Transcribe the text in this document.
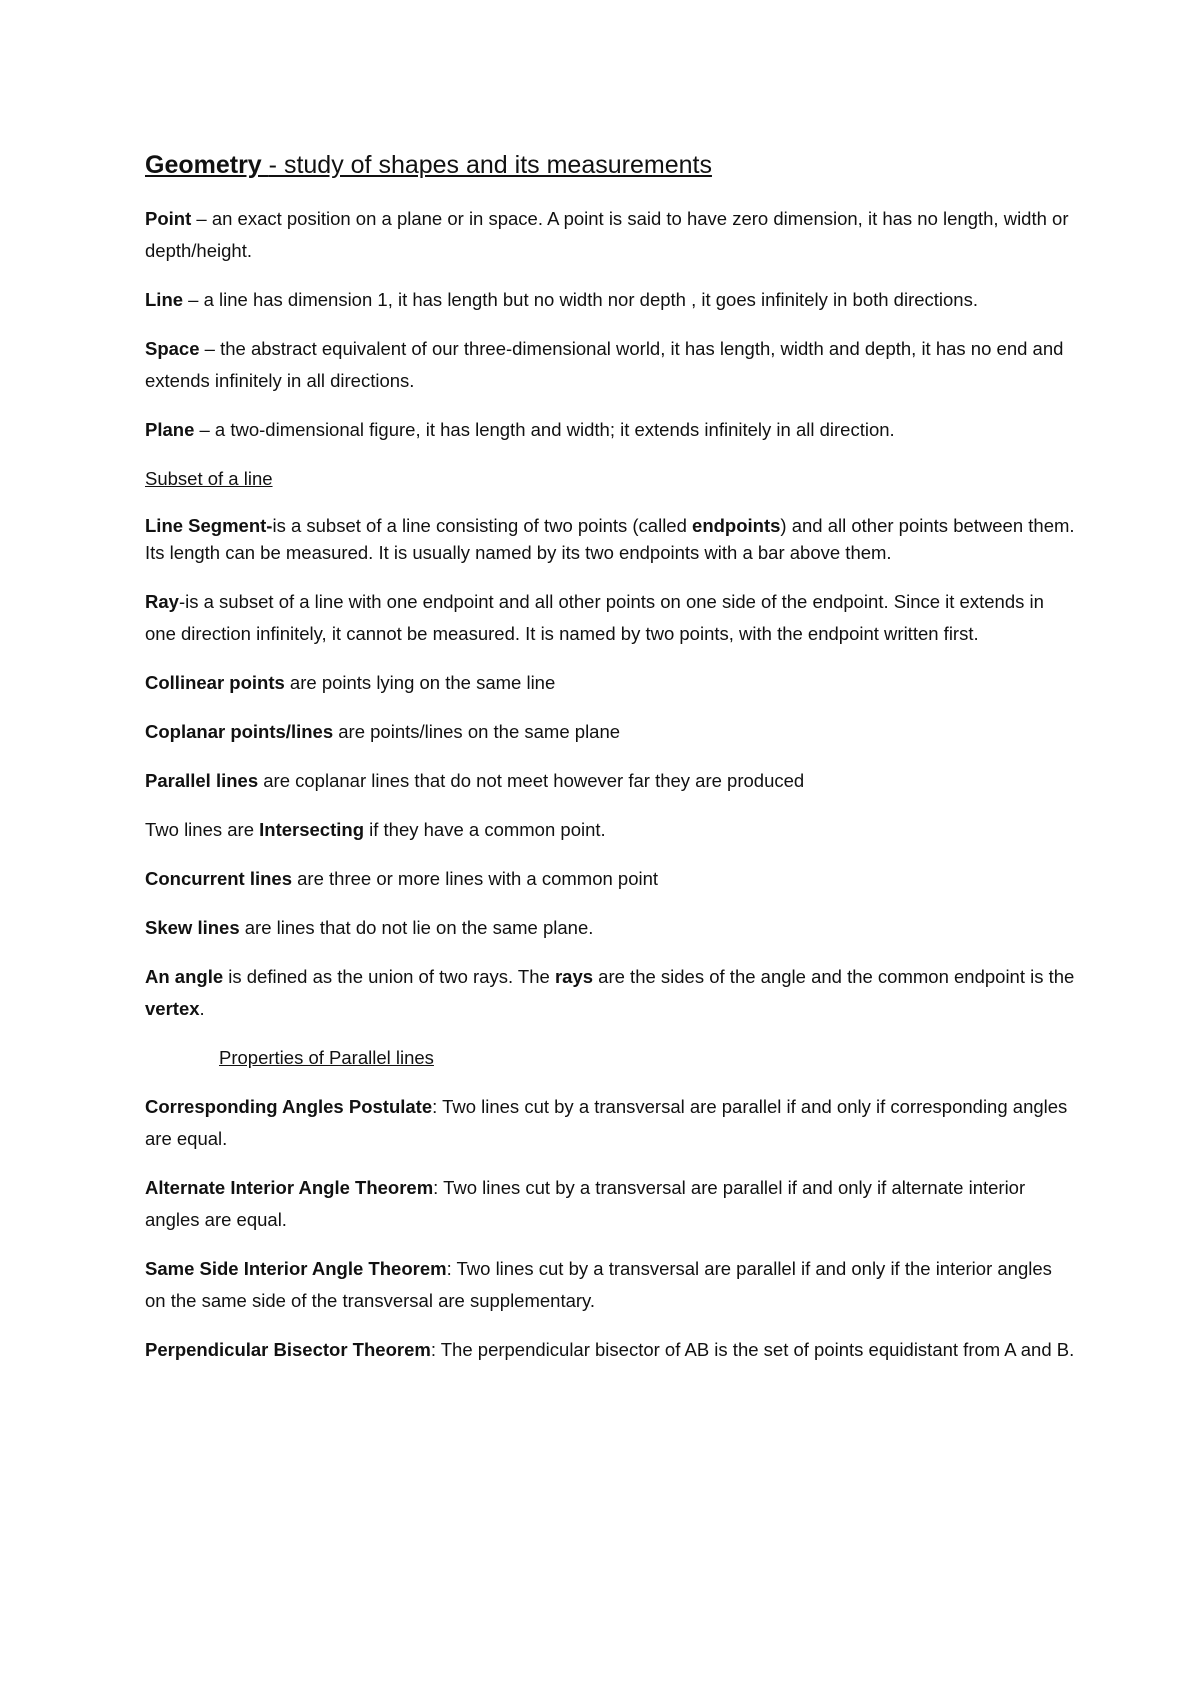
Geometry - study of shapes and its measurements

Point – an exact position on a plane or in space. A point is said to have zero dimension, it has no length, width or depth/height.

Line – a line has dimension 1, it has length but no width nor depth , it goes infinitely in both directions.

Space – the abstract equivalent of our three-dimensional world, it has length, width and depth, it has no end and extends infinitely in all directions.

Plane – a two-dimensional figure, it has length and width; it extends infinitely in all direction.

Subset of a line

Line Segment-is a subset of a line consisting of two points (called endpoints) and all other points between them. Its length can be measured. It is usually named by its two endpoints with a bar above them.

Ray-is a subset of a line with one endpoint and all other points on one side of the endpoint. Since it extends in one direction infinitely, it cannot be measured. It is named by two points, with the endpoint written first.

Collinear points are points lying on the same line

Coplanar points/lines are points/lines on the same plane

Parallel lines are coplanar lines that do not meet however far they are produced

Two lines are Intersecting if they have a common point.

Concurrent lines are three or more lines with a common point

Skew lines are lines that do not lie on the same plane.

An angle is defined as the union of two rays. The rays are the sides of the angle and the common endpoint is the vertex.

Properties of Parallel lines

Corresponding Angles Postulate: Two lines cut by a transversal are parallel if and only if corresponding angles are equal.

Alternate Interior Angle Theorem: Two lines cut by a transversal are parallel if and only if alternate interior angles are equal.

Same Side Interior Angle Theorem: Two lines cut by a transversal are parallel if and only if the interior angles on the same side of the transversal are supplementary.

Perpendicular Bisector Theorem: The perpendicular bisector of AB is the set of points equidistant from A and B.
